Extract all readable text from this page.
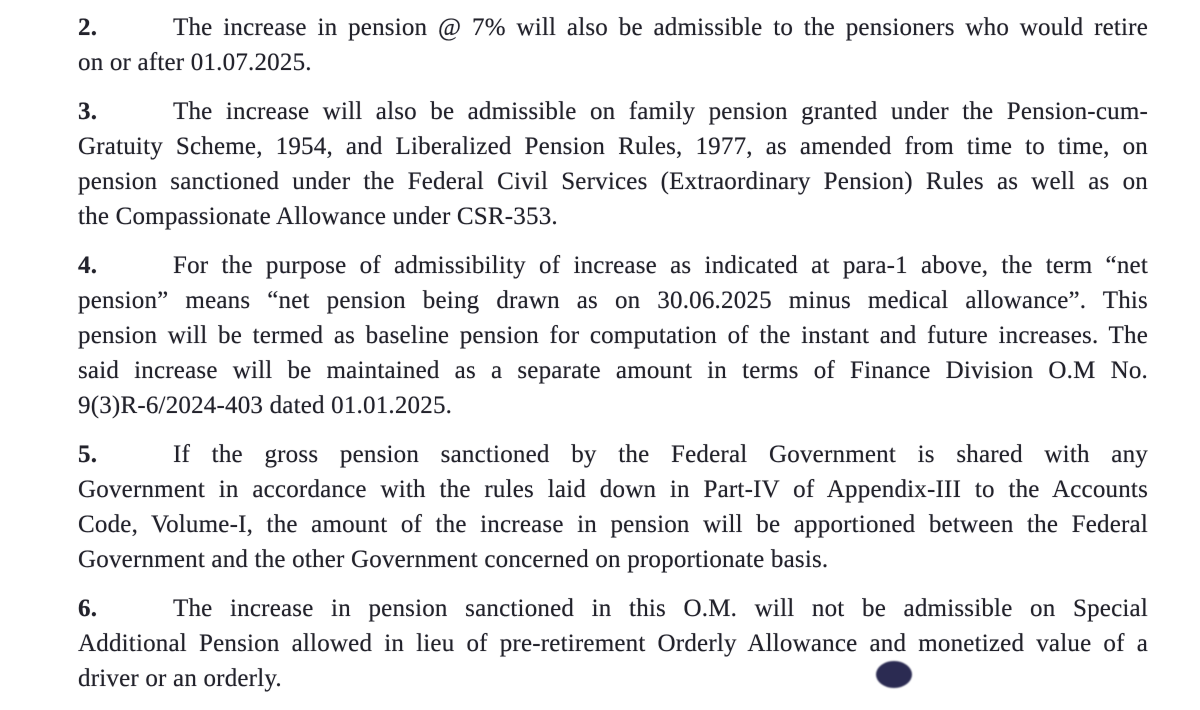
2.	The increase in pension @ 7% will also be admissible to the pensioners who would retire
on or after 01.07.2025.
3.	The increase will also be admissible on family pension granted under the Pension-cum-
Gratuity Scheme, 1954, and Liberalized Pension Rules, 1977, as amended from time to time, on
pension sanctioned under the Federal Civil Services (Extraordinary Pension) Rules as well as on
the Compassionate Allowance under CSR-353.
4.	For the purpose of admissibility of increase as indicated at para-1 above, the term “net
pension” means “net pension being drawn as on 30.06.2025 minus medical allowance”. This
pension will be termed as baseline pension for computation of the instant and future increases. The
said increase will be maintained as a separate amount in terms of Finance Division O.M No.
9(3)R-6/2024-403 dated 01.01.2025.
5.	If the gross pension sanctioned by the Federal Government is shared with any
Government in accordance with the rules laid down in Part-IV of Appendix-III to the Accounts
Code, Volume-I, the amount of the increase in pension will be apportioned between the Federal
Government and the other Government concerned on proportionate basis.
6.	The increase in pension sanctioned in this O.M. will not be admissible on Special
Additional Pension allowed in lieu of pre-retirement Orderly Allowance and monetized value of a
driver or an orderly.
